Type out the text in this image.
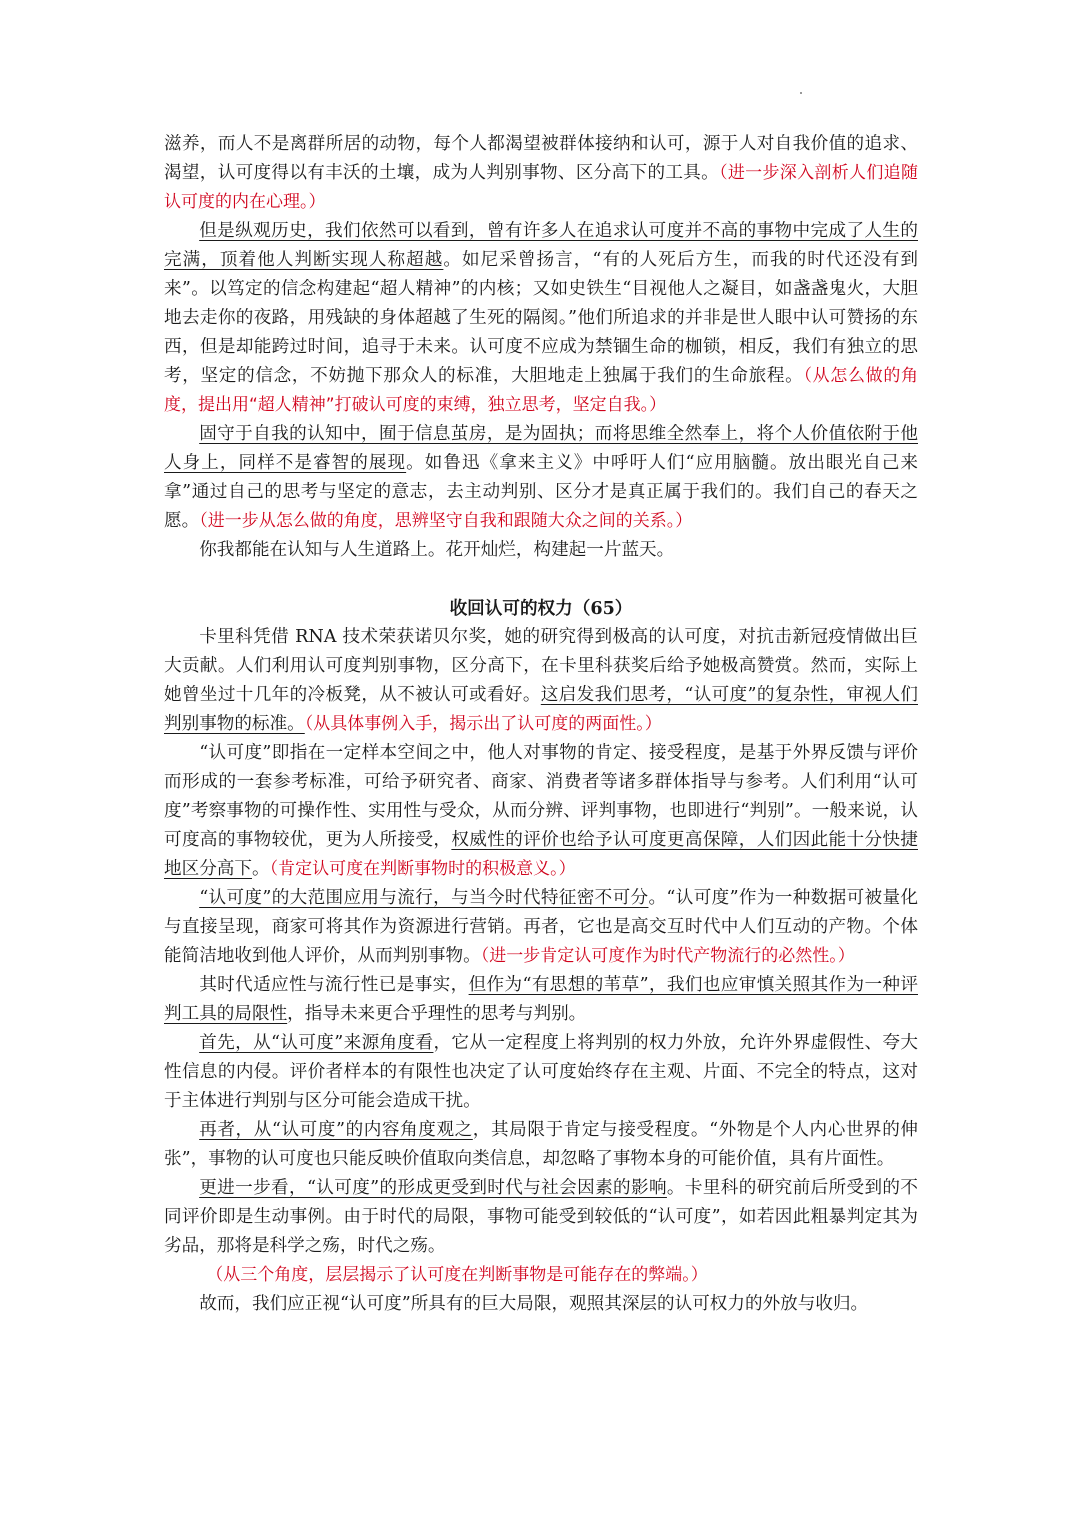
滋养，而人不是离群所居的动物，每个人都渴望被群体接纳和认可，源于人对自我价值的追求、渴望，认可度得以有丰沃的土壤，成为人判别事物、区分高下的工具。（进一步深入剖析人们追随认可度的内在心理。）

但是纵观历史，我们依然可以看到，曾有许多人在追求认可度并不高的事物中完成了人生的完满，顶着他人判断实现人称超越。如尼采曾扬言，“有的人死后方生，而我的时代还没有到来”。以笃定的信念构建起“超人精神”的内核；又如史铁生“目视他人之凝目，如盏盏鬼火，大胆地去走你的夜路，用残缺的身体超越了生死的隔阂。”他们所追求的并非是世人眼中认可赞扬的东西，但是却能跨过时间，追寻于未来。认可度不应成为禁锢生命的枷锁，相反，我们有独立的思考，坚定的信念，不妨抛下那众人的标准，大胆地走上独属于我们的生命旅程。（从怎么做的角度，提出用“超人精神”打破认可度的束缚，独立思考，坚定自我。）

固守于自我的认知中，囿于信息茧房，是为固执；而将思维全然奉上，将个人价值依附于他人身上，同样不是睿智的展现。如鲁迅《拿来主义》中呼吁人们“应用脑髓。放出眼光自己来拿”通过自己的思考与坚定的意志，去主动判别、区分才是真正属于我们的。我们自己的春天之愿。（进一步从怎么做的角度，思辨坚守自我和跟随大众之间的关系。）

你我都能在认知与人生道路上。花开灿烂，构建起一片蓝天。

收回认可的权力（65）

卡里科凭借 RNA 技术荣获诺贝尔奖，她的研究得到极高的认可度，对抗击新冠疫情做出巨大贡献。人们利用认可度判别事物，区分高下，在卡里科获奖后给予她极高赞赏。然而，实际上她曾坐过十几年的冷板凳，从不被认可或看好。这启发我们思考，“认可度”的复杂性，审视人们判别事物的标准。（从具体事例入手，揭示出了认可度的两面性。）

“认可度”即指在一定样本空间之中，他人对事物的肯定、接受程度，是基于外界反馈与评价而形成的一套参考标准，可给予研究者、商家、消费者等诸多群体指导与参考。人们利用“认可度”考察事物的可操作性、实用性与受众，从而分辨、评判事物，也即进行“判别”。一般来说，认可度高的事物较优，更为人所接受，权威性的评价也给予认可度更高保障，人们因此能十分快捷地区分高下。（肯定认可度在判断事物时的积极意义。）

“认可度”的大范围应用与流行，与当今时代特征密不可分。“认可度”作为一种数据可被量化与直接呈现，商家可将其作为资源进行营销。再者，它也是高交互时代中人们互动的产物。个体能简洁地收到他人评价，从而判别事物。（进一步肯定认可度作为时代产物流行的必然性。）

其时代适应性与流行性已是事实，但作为“有思想的苇草”，我们也应审慎关照其作为一种评判工具的局限性，指导未来更合乎理性的思考与判别。

首先，从“认可度”来源角度看，它从一定程度上将判别的权力外放，允许外界虚假性、夸大性信息的内侵。评价者样本的有限性也决定了认可度始终存在主观、片面、不完全的特点，这对于主体进行判别与区分可能会造成干扰。

再者，从“认可度”的内容角度观之，其局限于肯定与接受程度。“外物是个人内心世界的伸张”，事物的认可度也只能反映价值取向类信息，却忽略了事物本身的可能价值，具有片面性。

更进一步看，“认可度”的形成更受到时代与社会因素的影响。卡里科的研究前后所受到的不同评价即是生动事例。由于时代的局限，事物可能受到较低的“认可度”，如若因此粗暴判定其为劣品，那将是科学之殇，时代之殇。

（从三个角度，层层揭示了认可度在判断事物是可能存在的弊端。）

故而，我们应正视“认可度”所具有的巨大局限，观照其深层的认可权力的外放与收归。
